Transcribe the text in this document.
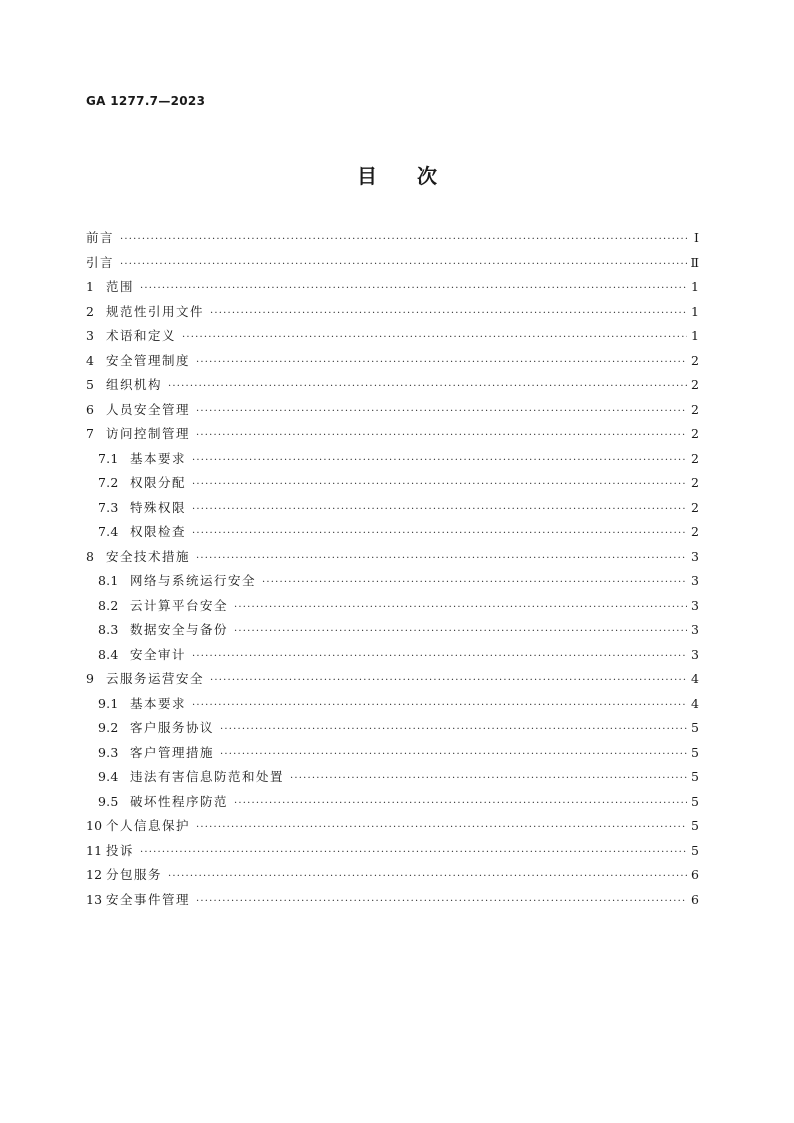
GA 1277.7—2023
目次
前言 ·····	Ⅰ
引言 ·····	Ⅱ
1 范围 ·····	1
2 规范性引用文件 ·····	1
3 术语和定义 ·····	1
4 安全管理制度 ·····	2
5 组织机构 ·····	2
6 人员安全管理 ·····	2
7 访问控制管理 ·····	2
7.1 基本要求 ·····	2
7.2 权限分配 ·····	2
7.3 特殊权限 ·····	2
7.4 权限检查 ·····	2
8 安全技术措施 ·····	3
8.1 网络与系统运行安全 ·····	3
8.2 云计算平台安全 ·····	3
8.3 数据安全与备份 ·····	3
8.4 安全审计 ·····	3
9 云服务运营安全 ·····	4
9.1 基本要求 ·····	4
9.2 客户服务协议 ·····	5
9.3 客户管理措施 ·····	5
9.4 违法有害信息防范和处置 ·····	5
9.5 破坏性程序防范 ·····	5
10 个人信息保护 ·····	5
11 投诉 ·····	5
12 分包服务 ·····	6
13 安全事件管理 ·····	6
